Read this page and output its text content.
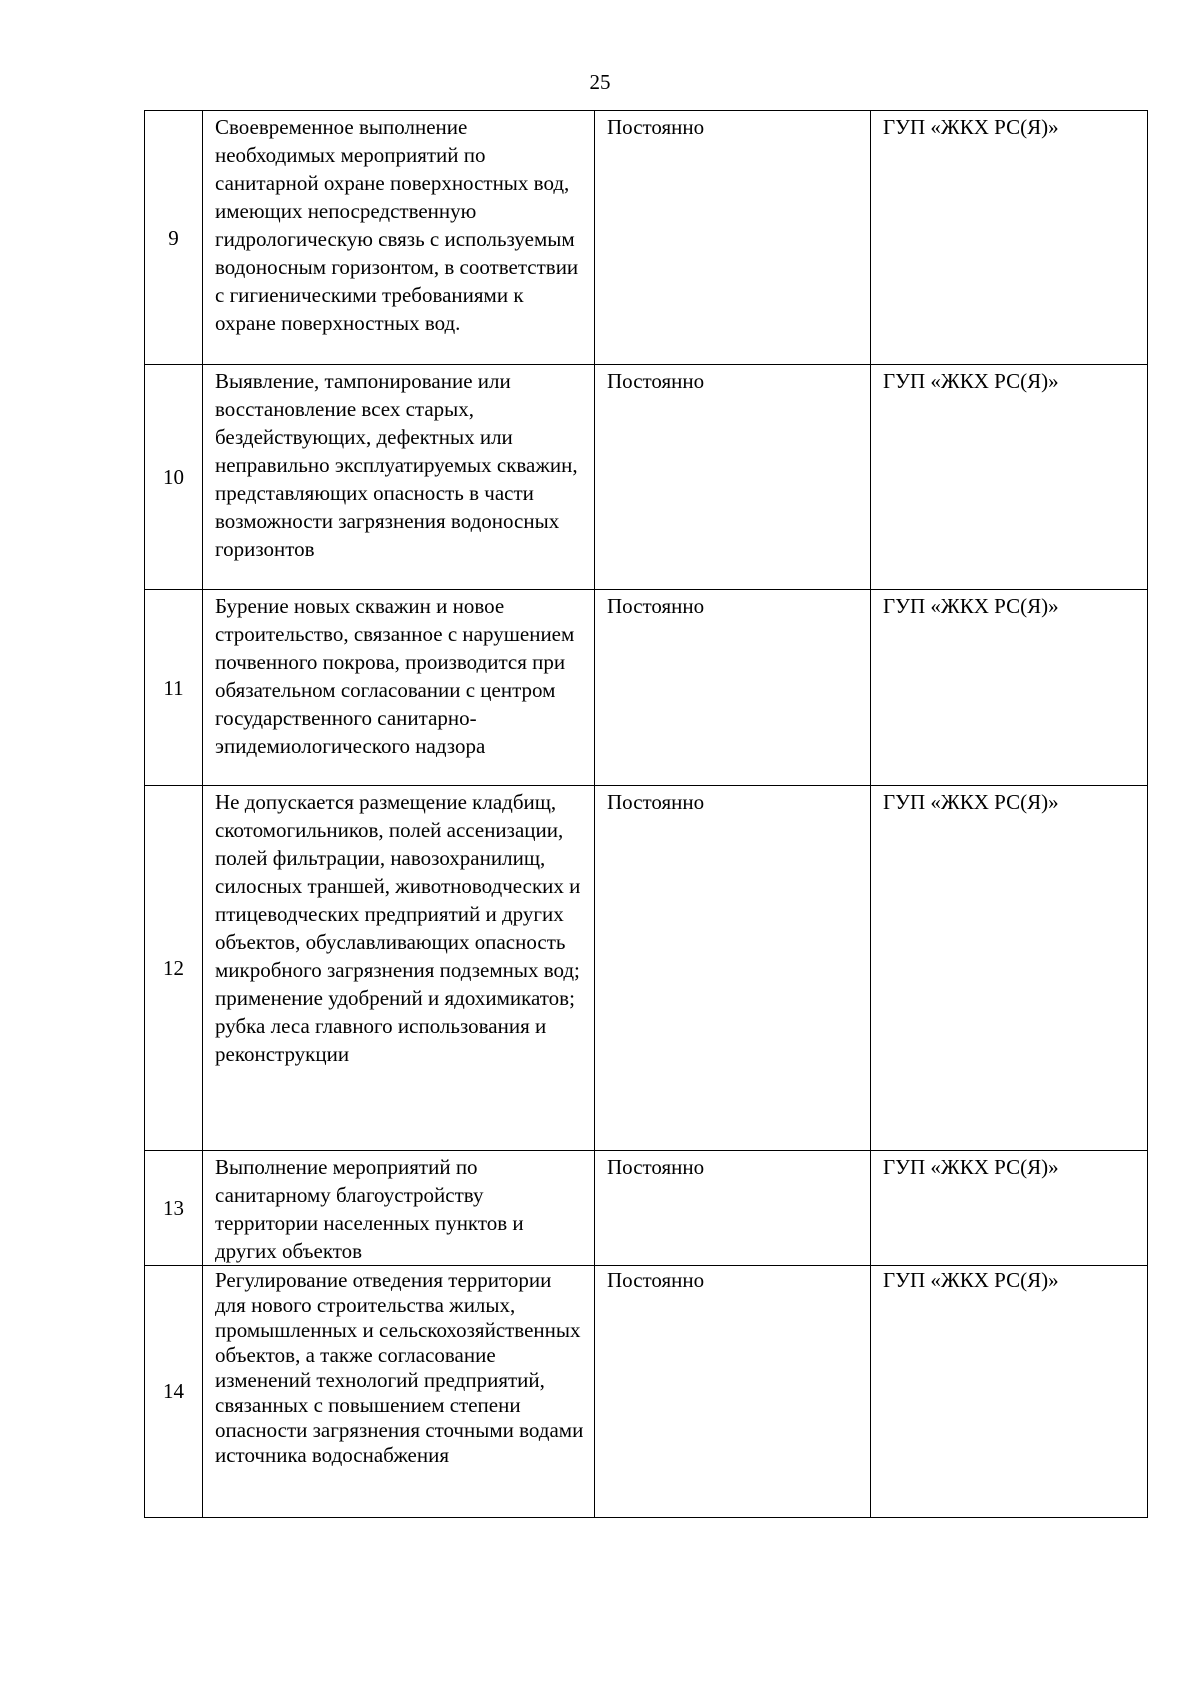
25
9	Своевременное выполнение необходимых мероприятий по санитарной охране поверхностных вод, имеющих непосредственную гидрологическую связь с используемым водоносным горизонтом, в соответствии с гигиеническими требованиями к охране поверхностных вод.	Постоянно	ГУП «ЖКХ РС(Я)»
10	Выявление, тампонирование или восстановление всех старых, бездействующих, дефектных или неправильно эксплуатируемых скважин, представляющих опасность в части возможности загрязнения водоносных горизонтов	Постоянно	ГУП «ЖКХ РС(Я)»
11	Бурение новых скважин и новое строительство, связанное с нарушением почвенного покрова, производится при обязательном согласовании с центром государственного санитарно-эпидемиологического надзора	Постоянно	ГУП «ЖКХ РС(Я)»
12	Не допускается размещение кладбищ, скотомогильников, полей ассенизации, полей фильтрации, навозохранилищ, силосных траншей, животноводческих и птицеводческих предприятий и других объектов, обуславливающих опасность микробного загрязнения подземных вод; применение удобрений и ядохимикатов; рубка леса главного использования и реконструкции	Постоянно	ГУП «ЖКХ РС(Я)»
13	Выполнение мероприятий по санитарному благоустройству территории населенных пунктов и других объектов	Постоянно	ГУП «ЖКХ РС(Я)»
14	Регулирование отведения территории для нового строительства жилых, промышленных и сельскохозяйственных объектов, а также согласование изменений технологий предприятий, связанных с повышением степени опасности загрязнения сточными водами источника водоснабжения	Постоянно	ГУП «ЖКХ РС(Я)»
